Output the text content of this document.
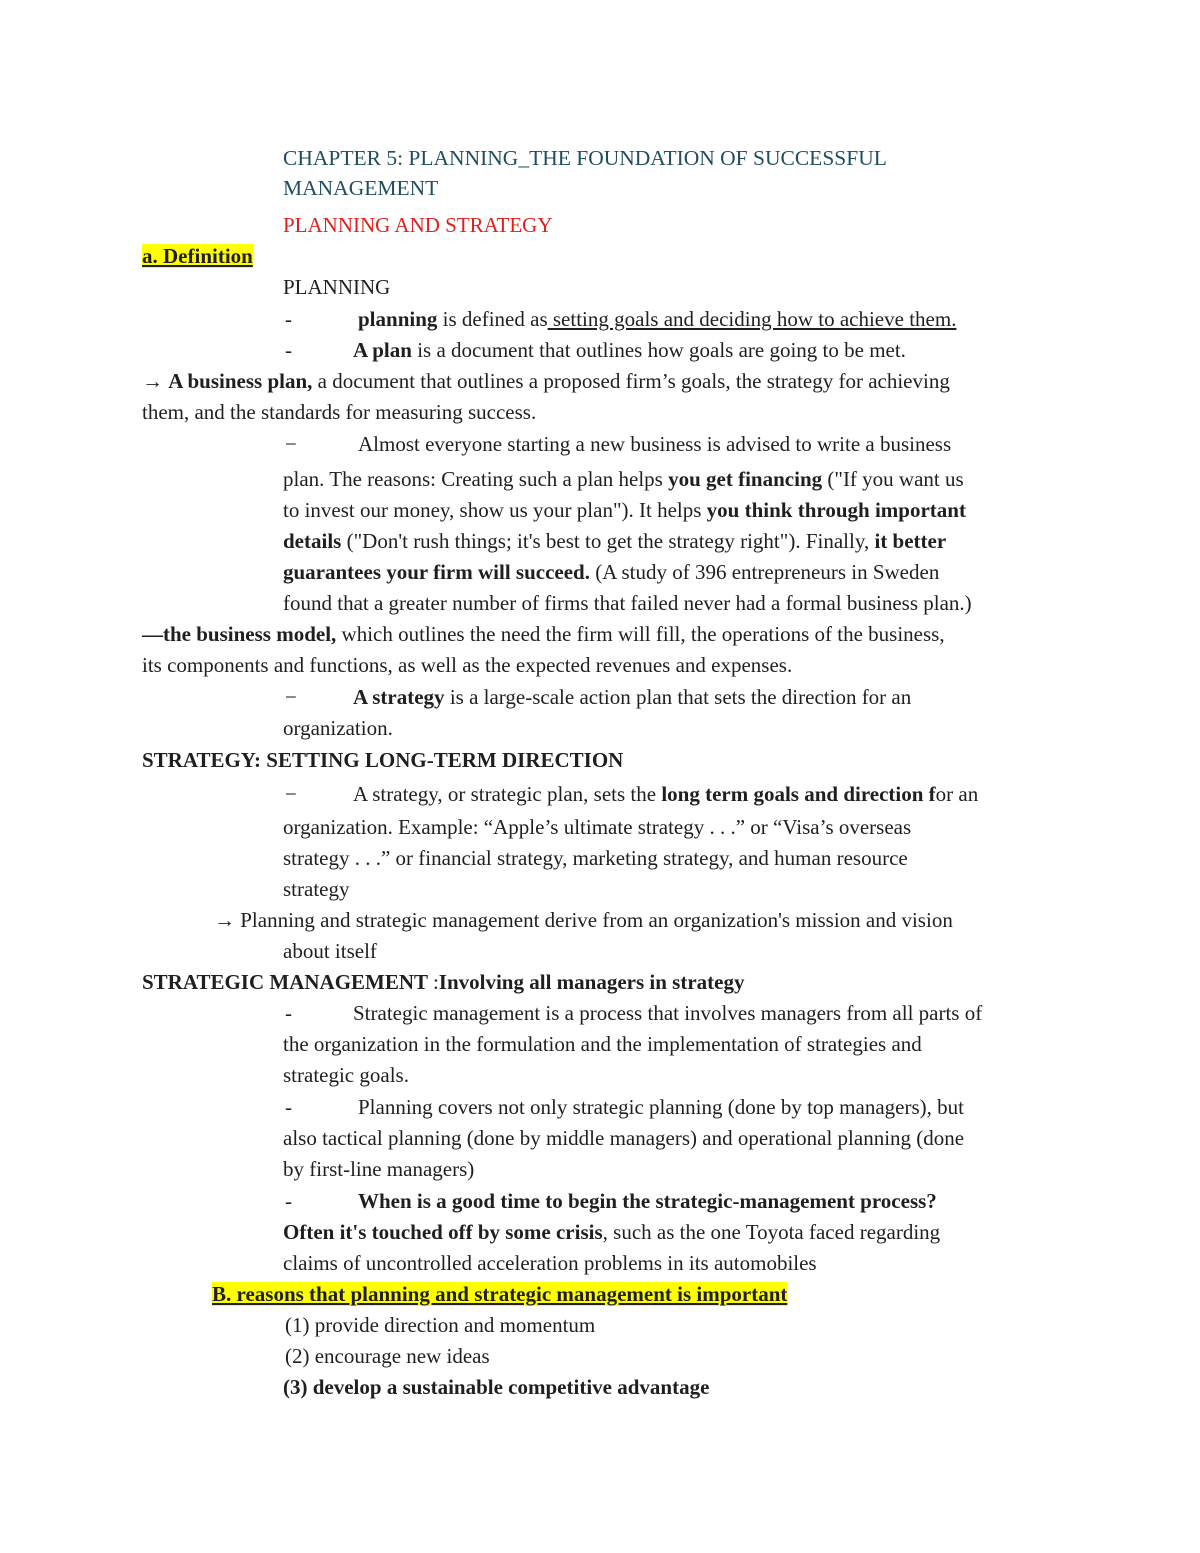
CHAPTER 5: PLANNING_THE FOUNDATION OF SUCCESSFUL
MANAGEMENT
PLANNING AND STRATEGY
a. Definition
PLANNING
-	planning is defined as setting goals and deciding how to achieve them.
-	A plan is a document that outlines how goals are going to be met.
→ A business plan, a document that outlines a proposed firm’s goals, the strategy for achieving
them, and the standards for measuring success.
−	Almost everyone starting a new business is advised to write a business
plan. The reasons: Creating such a plan helps you get financing ("If you want us
to invest our money, show us your plan"). It helps you think through important
details ("Don't rush things; it's best to get the strategy right"). Finally, it better
guarantees your firm will succeed. (A study of 396 entrepreneurs in Sweden
found that a greater number of firms that failed never had a formal business plan.)
—the business model, which outlines the need the firm will fill, the operations of the business,
its components and functions, as well as the expected revenues and expenses.
−	A strategy is a large-scale action plan that sets the direction for an
organization.
STRATEGY: SETTING LONG-TERM DIRECTION
−	A strategy, or strategic plan, sets the long term goals and direction for an
organization. Example: “Apple’s ultimate strategy . . .” or “Visa’s overseas
strategy . . .” or financial strategy, marketing strategy, and human resource
strategy
→ Planning and strategic management derive from an organization's mission and vision
about itself
STRATEGIC MANAGEMENT :Involving all managers in strategy
-	Strategic management is a process that involves managers from all parts of
the organization in the formulation and the implementation of strategies and
strategic goals.
-	Planning covers not only strategic planning (done by top managers), but
also tactical planning (done by middle managers) and operational planning (done
by first-line managers)
-	When is a good time to begin the strategic-management process?
Often it's touched off by some crisis, such as the one Toyota faced regarding
claims of uncontrolled acceleration problems in its automobiles
B. reasons that planning and strategic management is important
(1) provide direction and momentum
(2) encourage new ideas
(3) develop a sustainable competitive advantage
